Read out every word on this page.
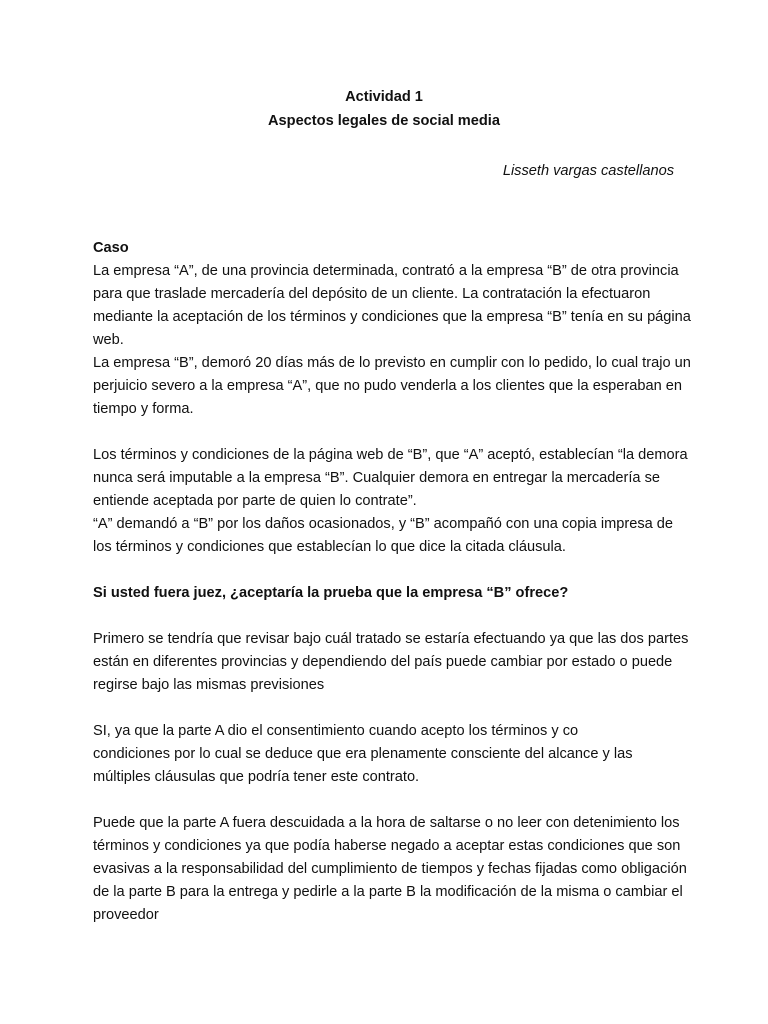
Actividad 1
Aspectos legales de social media
Lisseth vargas castellanos
Caso
La empresa “A”, de una provincia determinada, contrató a la empresa “B” de otra provincia
para que traslade mercadería del depósito de un cliente. La contratación la efectuaron
mediante la aceptación de los términos y condiciones que la empresa “B” tenía en su página
web.
La empresa “B”, demoró 20 días más de lo previsto en cumplir con lo pedido, lo cual trajo un
perjuicio severo a la empresa “A”, que no pudo venderla a los clientes que la esperaban en
tiempo y forma.
Los términos y condiciones de la página web de “B”, que “A” aceptó, establecían “la demora
nunca será imputable a la empresa “B”. Cualquier demora en entregar la mercadería se
entiende aceptada por parte de quien lo contrate”.
“A” demandó a “B” por los daños ocasionados, y “B” acompañó con una copia impresa de
los términos y condiciones que establecían lo que dice la citada cláusula.
Si usted fuera juez, ¿aceptaría la prueba que la empresa “B” ofrece?
Primero se tendría que revisar bajo cuál tratado se estaría efectuando ya que las dos partes
están en diferentes provincias y dependiendo del país puede cambiar por estado o puede
regirse bajo las mismas previsiones
SI, ya que la parte A dio el consentimiento cuando acepto los términos y co
condiciones por lo cual se deduce que era plenamente consciente del alcance y las
múltiples cláusulas que podría tener este contrato.
Puede que la parte A fuera descuidada a la hora de saltarse o no leer con detenimiento los
términos y condiciones ya que podía haberse negado a aceptar estas condiciones que son
evasivas a la responsabilidad del cumplimiento de tiempos y fechas fijadas como obligación
de la parte B para la entrega y pedirle a la parte B la modificación de la misma o cambiar el
proveedor
